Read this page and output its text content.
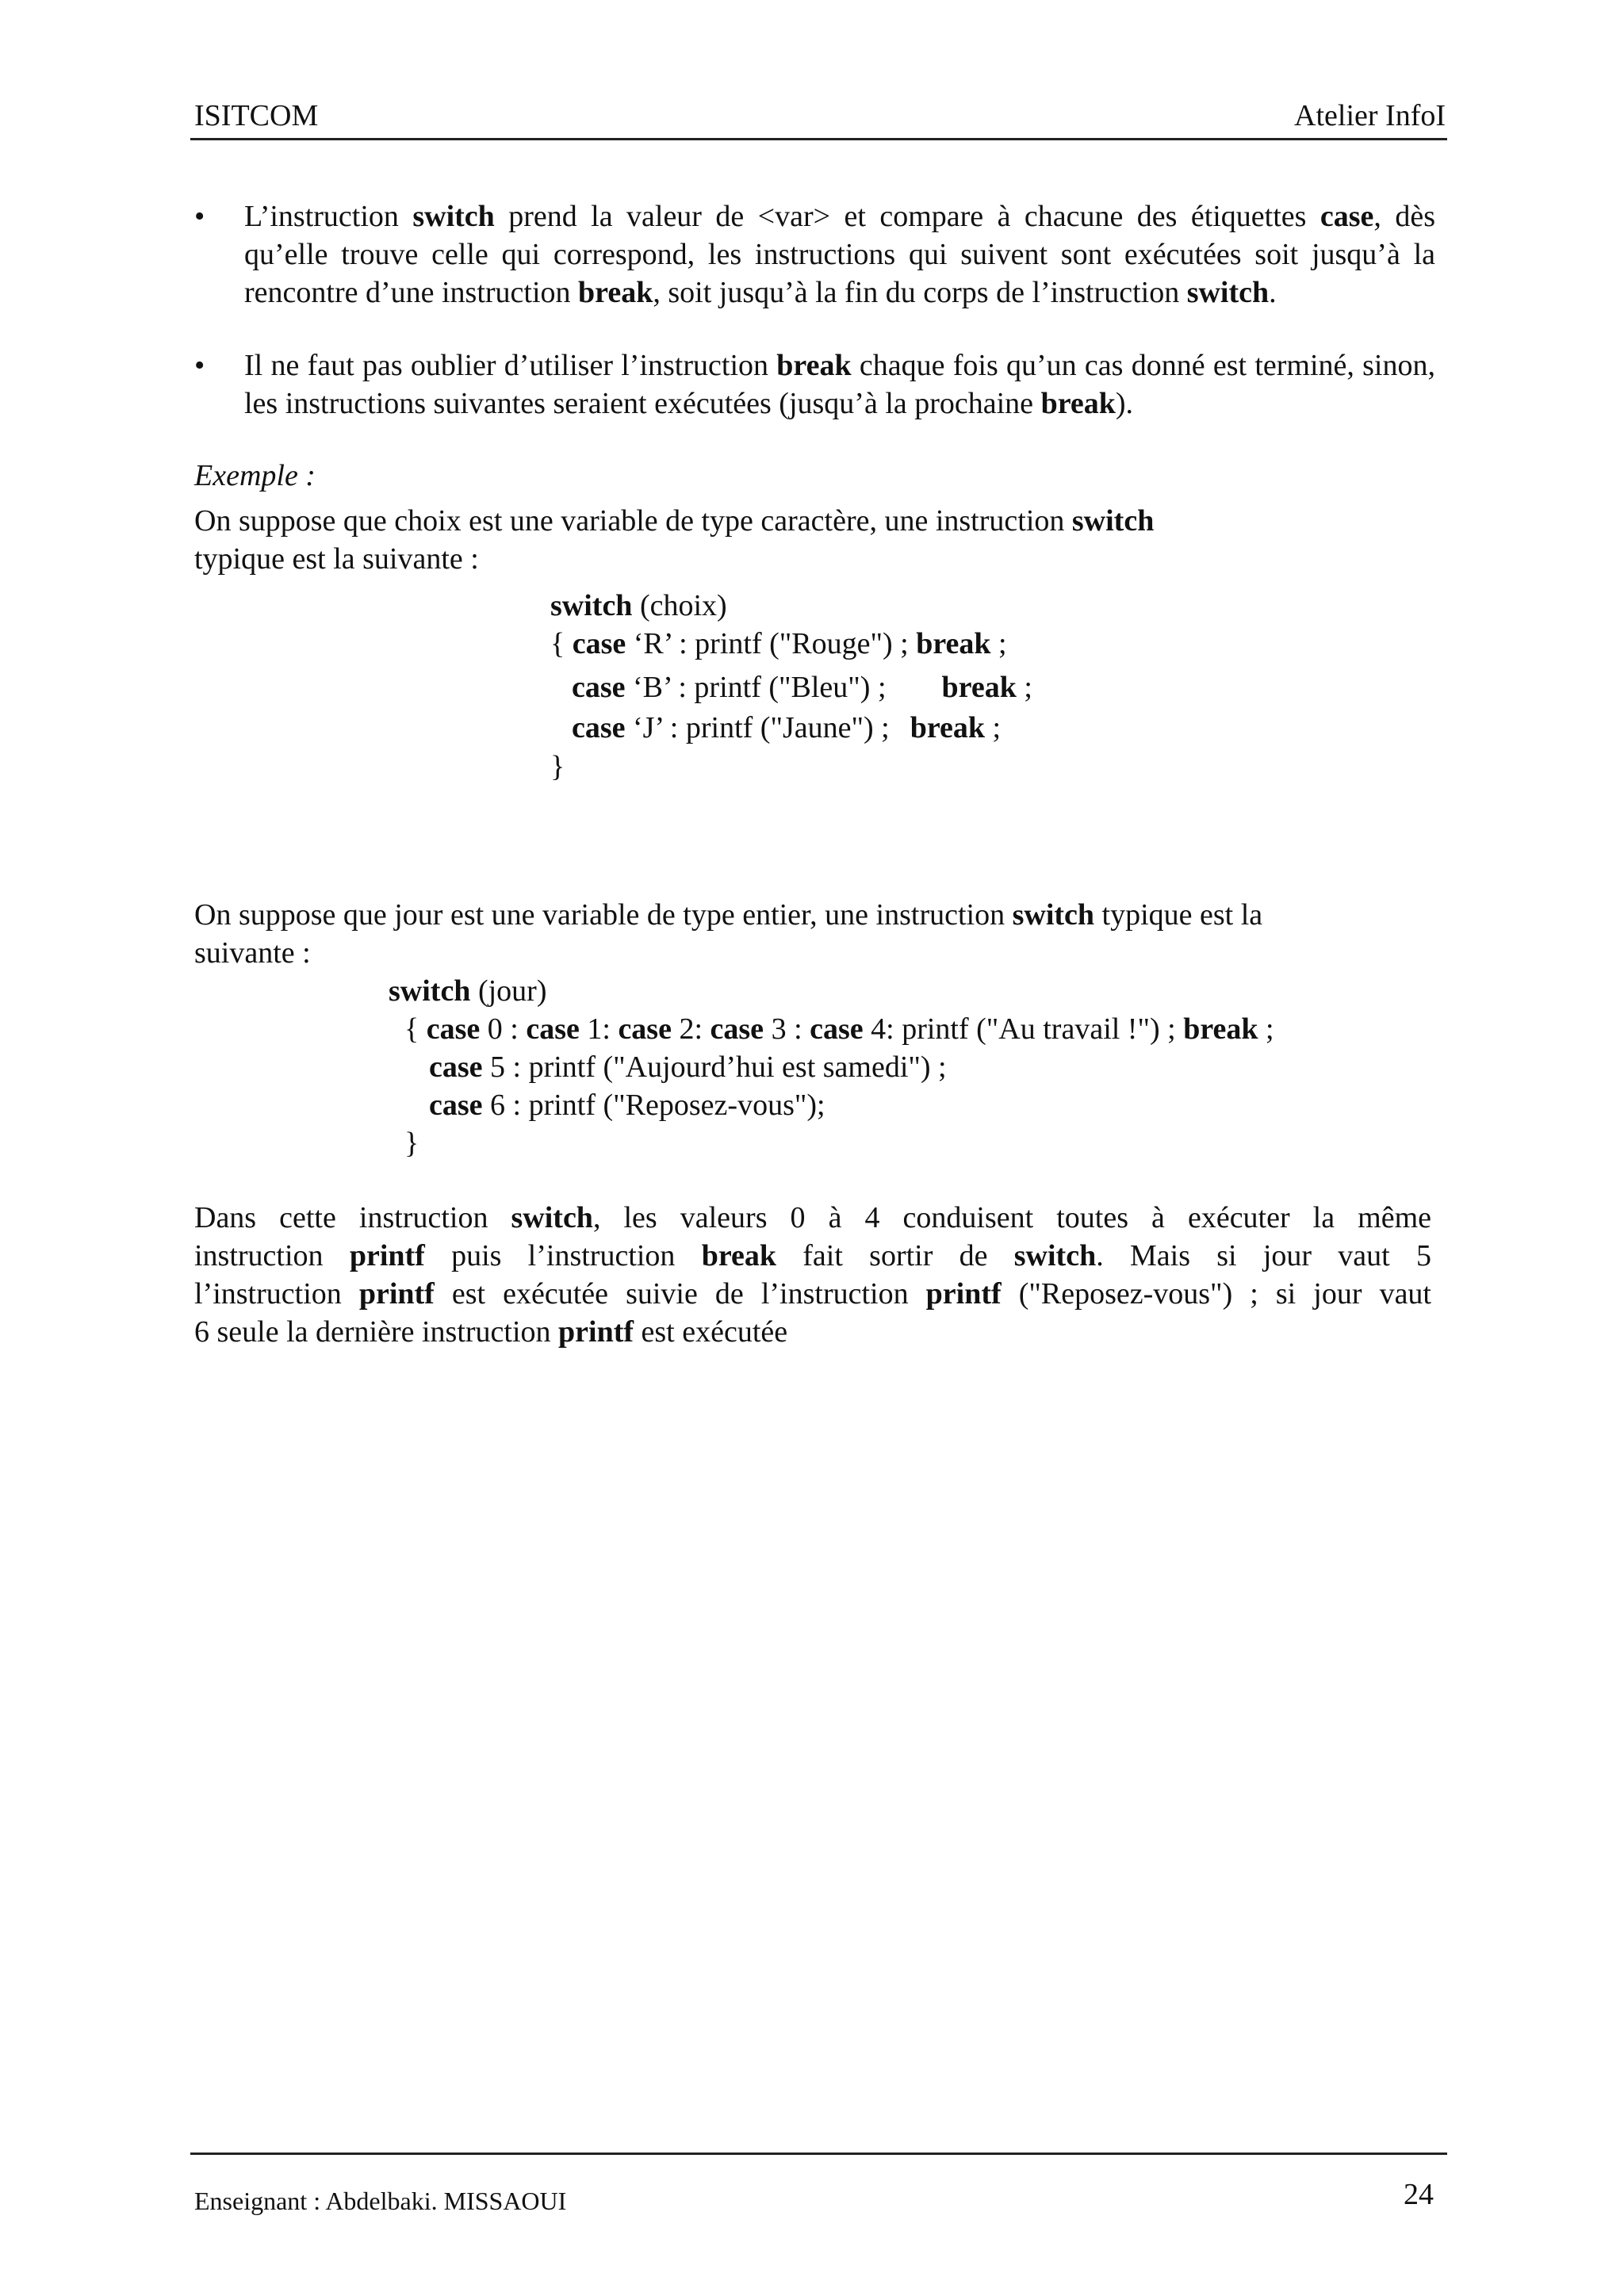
ISITCOM	Atelier InfoI
• L’instruction switch prend la valeur de <var> et compare à chacune des étiquettes case, dès qu’elle trouve celle qui correspond, les instructions qui suivent sont exécutées soit jusqu’à la rencontre d’une instruction break, soit jusqu’à la fin du corps de l’instruction switch.
• Il ne faut pas oublier d’utiliser l’instruction break chaque fois qu’un cas donné est terminé, sinon, les instructions suivantes seraient exécutées (jusqu’à la prochaine break).
Exemple :
On suppose que choix est une variable de type caractère, une instruction switch
typique est la suivante :
switch (choix)
{ case ‘R’ : printf ("Rouge") ; break ;
case ‘B’ : printf ("Bleu") ; break ;
case ‘J’ : printf ("Jaune") ; break ;
}
On suppose que jour est une variable de type entier, une instruction switch typique est la
suivante :
switch (jour)
{ case 0 : case 1: case 2: case 3 : case 4: printf ("Au travail !") ; break ;
case 5 : printf ("Aujourd’hui est samedi") ;
case 6 : printf ("Reposez-vous");
}
Dans cette instruction switch, les valeurs 0 à 4 conduisent toutes à exécuter la même
instruction printf puis l’instruction break fait sortir de switch. Mais si jour vaut 5
l’instruction printf est exécutée suivie de l’instruction printf ("Reposez-vous") ; si jour vaut
6 seule la dernière instruction printf est exécutée
Enseignant : Abdelbaki. MISSAOUI	24
